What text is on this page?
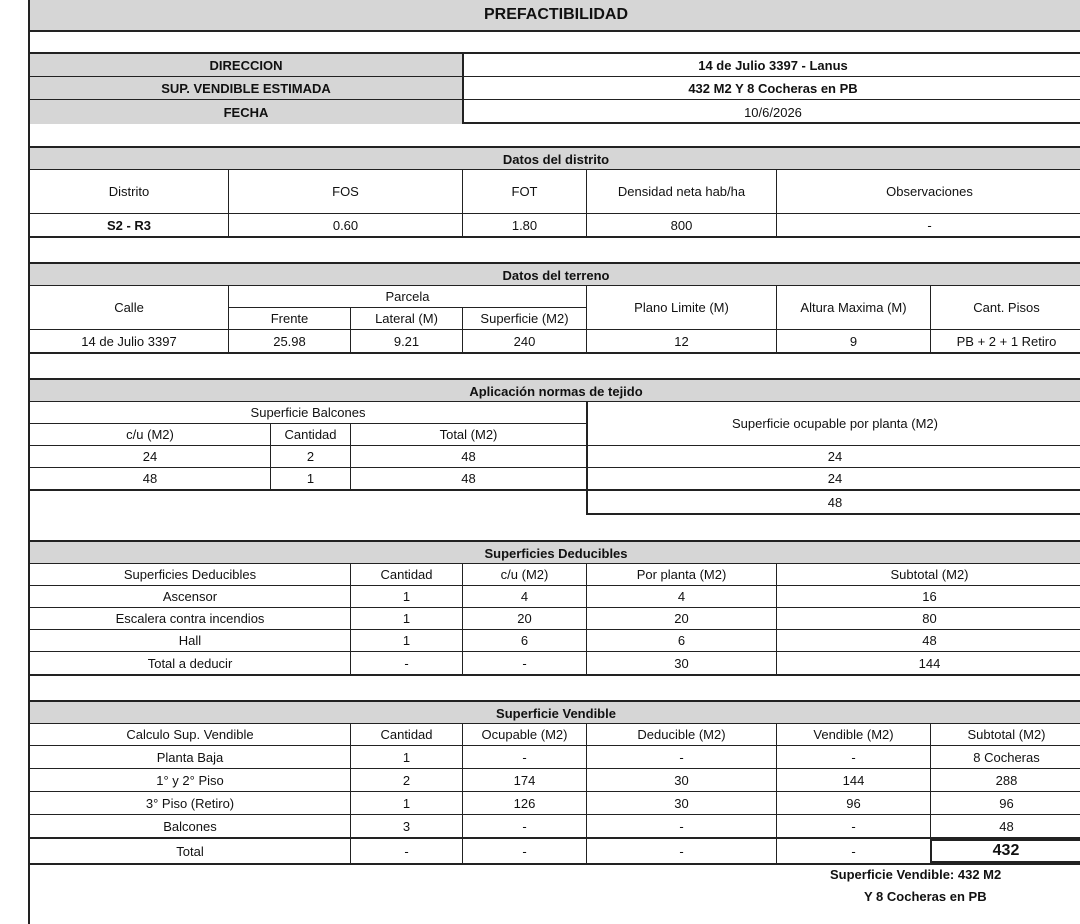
PREFACTIBILIDAD
DIRECCION	14 de Julio 3397 - Lanus
SUP. VENDIBLE ESTIMADA	432 M2 Y 8 Cocheras en PB
FECHA	10/6/2026
Datos del distrito
Distrito	FOS	FOT	Densidad neta hab/ha	Observaciones
S2 - R3	0.60	1.80	800	-
Datos del terreno
Calle
Parcela
Frente	Lateral (M)	Superficie (M2)
Plano Limite (M)	Altura Maxima (M)	Cant. Pisos
14 de Julio 3397	25.98	9.21	240	12	9	PB + 2 + 1 Retiro
Aplicación normas de tejido
Superficie Balcones
c/u (M2)	Cantidad	Total (M2)
24	2	48
48	1	48
Superficie ocupable por planta (M2)
24
24
48
Superficies Deducibles
Superficies Deducibles	Cantidad	c/u (M2)	Por planta (M2)	Subtotal (M2)
Ascensor	1	4	4	16
Escalera contra incendios	1	20	20	80
Hall	1	6	6	48
Total a deducir	-	-	30	144
Superficie Vendible
Calculo Sup. Vendible	Cantidad	Ocupable (M2)	Deducible (M2)	Vendible (M2)	Subtotal (M2)
Planta Baja	1	-	-	-	8 Cocheras
1° y 2° Piso	2	174	30	144	288
3° Piso (Retiro)	1	126	30	96	96
Balcones	3	-	-	-	48
Total	-	-	-	-	432
Superficie Vendible: 432 M2
Y 8 Cocheras en PB
